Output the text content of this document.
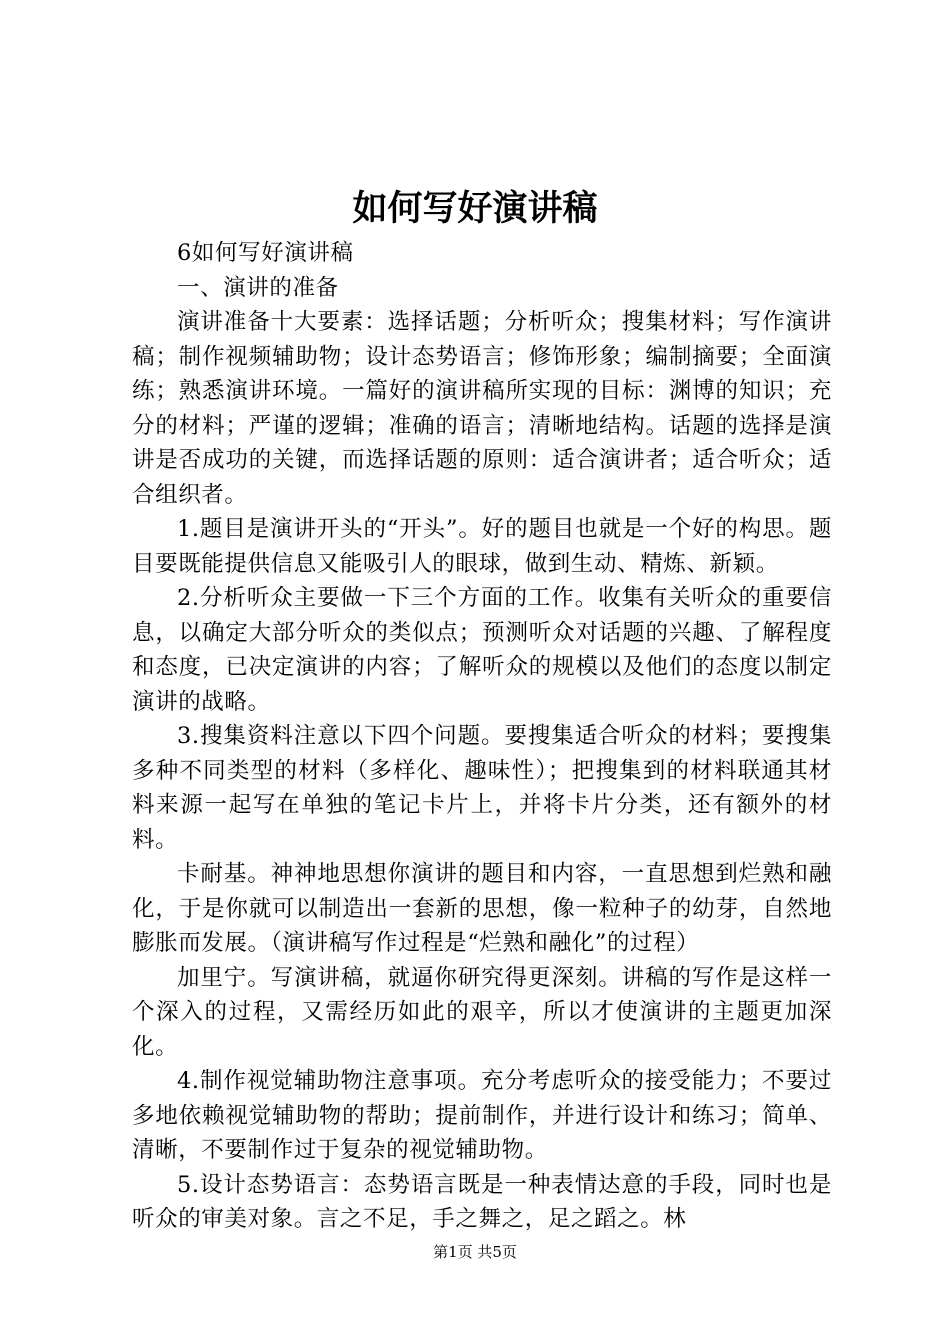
如何写好演讲稿

6如何写好演讲稿

一、演讲的准备

演讲准备十大要素：选择话题；分析听众；搜集材料；写作演讲稿；制作视频辅助物；设计态势语言；修饰形象；编制摘要；全面演练；熟悉演讲环境。一篇好的演讲稿所实现的目标：渊博的知识；充分的材料；严谨的逻辑；准确的语言；清晰地结构。话题的选择是演讲是否成功的关键，而选择话题的原则：适合演讲者；适合听众；适合组织者。

1.题目是演讲开头的“开头”。好的题目也就是一个好的构思。题目要既能提供信息又能吸引人的眼球，做到生动、精炼、新颖。

2.分析听众主要做一下三个方面的工作。收集有关听众的重要信息，以确定大部分听众的类似点；预测听众对话题的兴趣、了解程度和态度，已决定演讲的内容；了解听众的规模以及他们的态度以制定演讲的战略。

3.搜集资料注意以下四个问题。要搜集适合听众的材料；要搜集多种不同类型的材料（多样化、趣味性）；把搜集到的材料联通其材料来源一起写在单独的笔记卡片上，并将卡片分类，还有额外的材料。

卡耐基。神神地思想你演讲的题目和内容，一直思想到烂熟和融化，于是你就可以制造出一套新的思想，像一粒种子的幼芽，自然地膨胀而发展。（演讲稿写作过程是“烂熟和融化”的过程）

加里宁。写演讲稿，就逼你研究得更深刻。讲稿的写作是这样一个深入的过程，又需经历如此的艰辛，所以才使演讲的主题更加深化。

4.制作视觉辅助物注意事项。充分考虑听众的接受能力；不要过多地依赖视觉辅助物的帮助；提前制作，并进行设计和练习；简单、清晰，不要制作过于复杂的视觉辅助物。

5.设计态势语言：态势语言既是一种表情达意的手段，同时也是听众的审美对象。言之不足，手之舞之，足之蹈之。林

第1页 共5页
